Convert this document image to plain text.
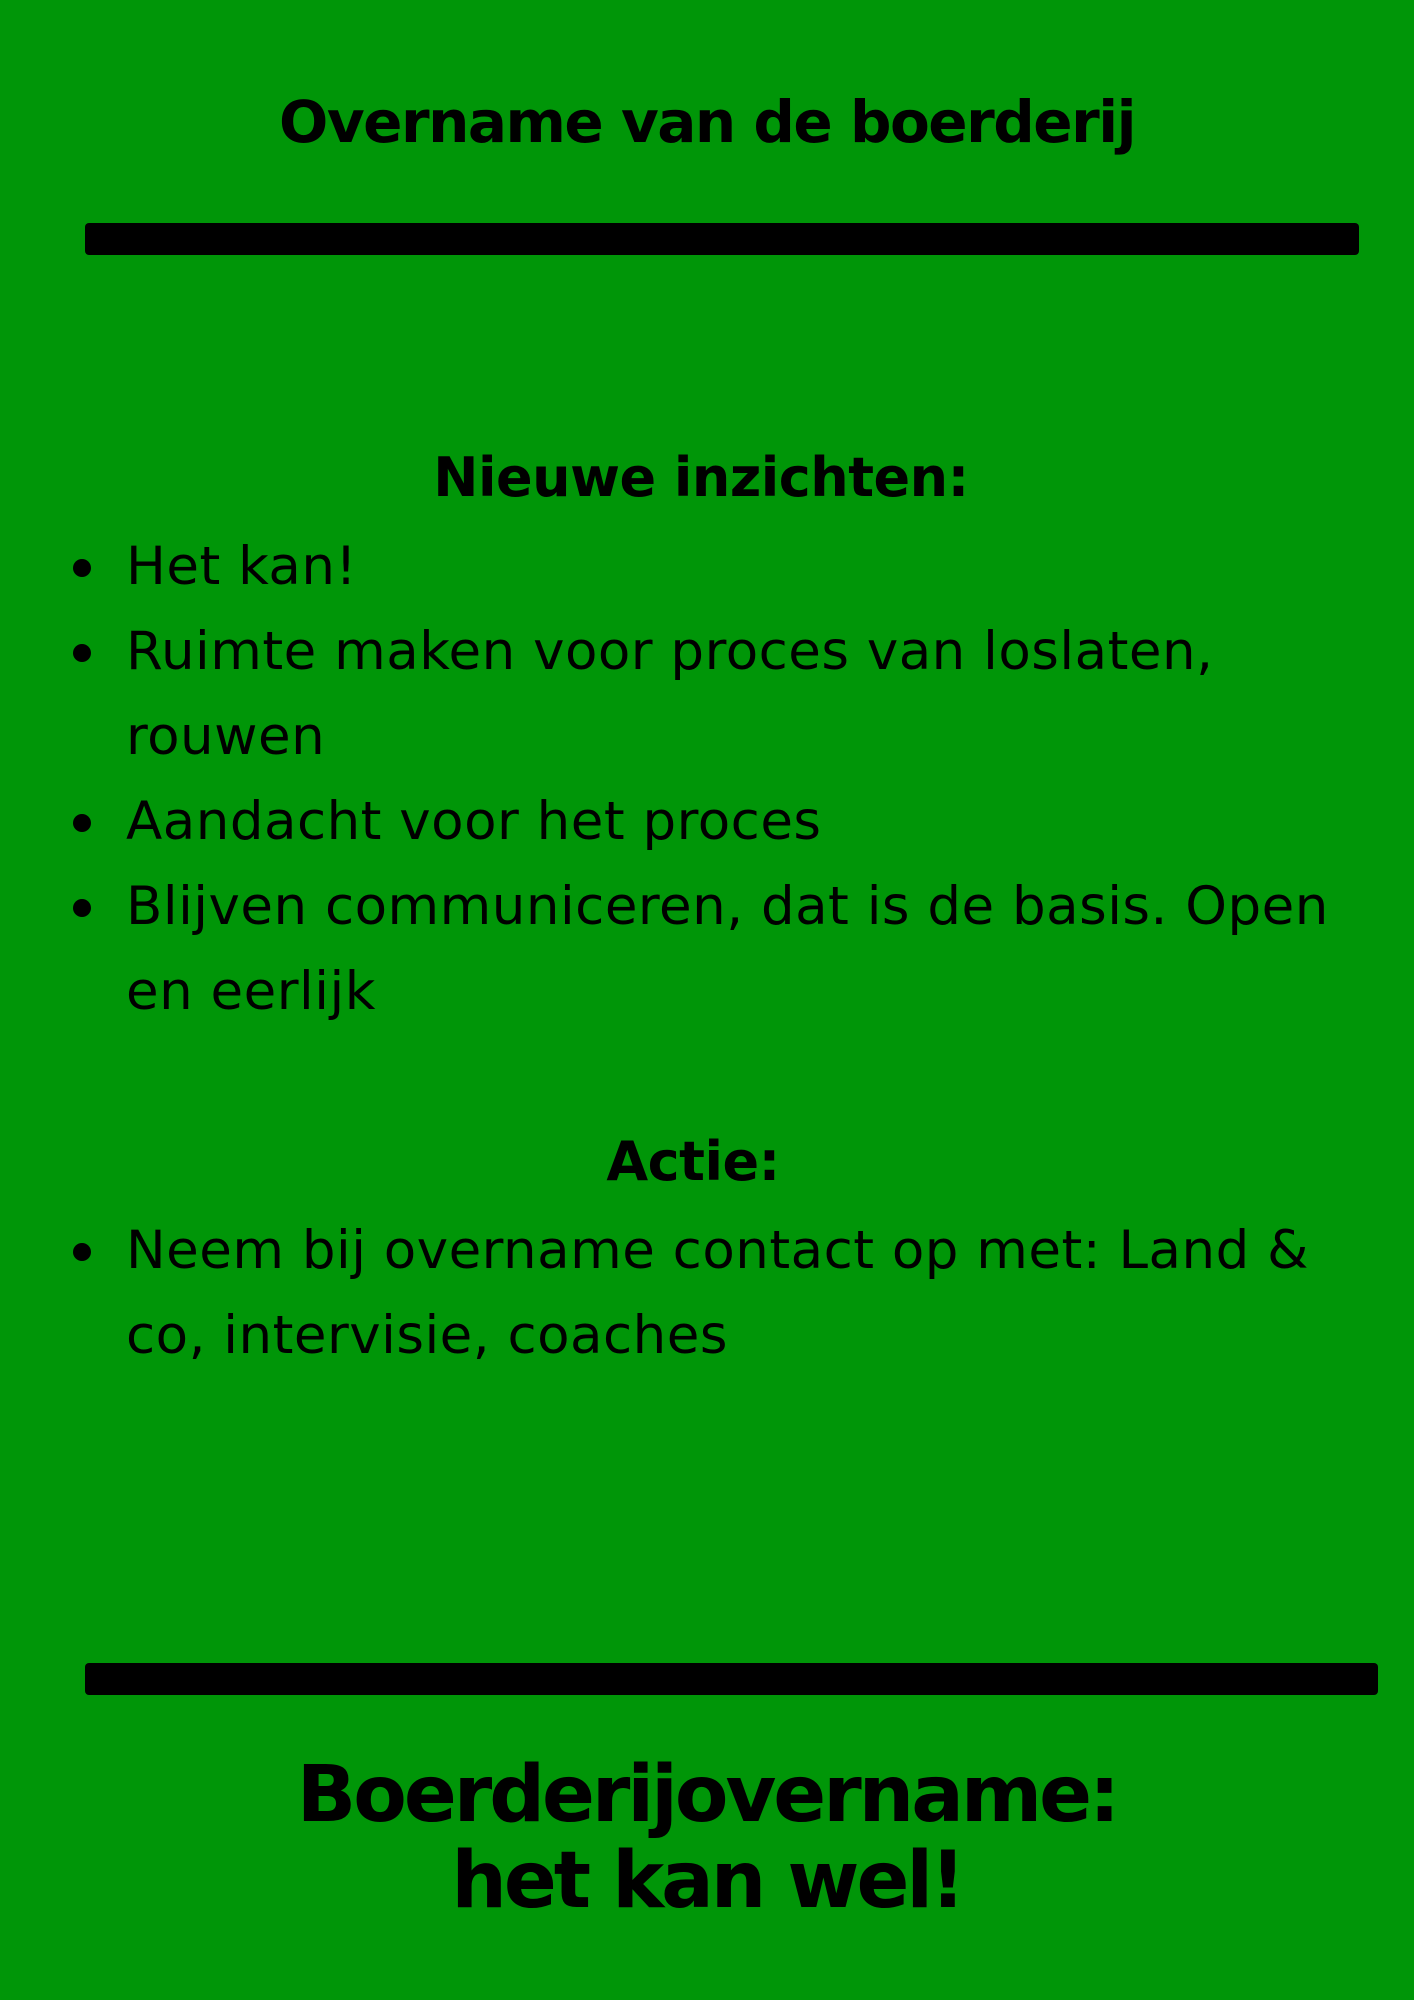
Overname van de boerderij
Nieuwe inzichten:
Het kan!
Ruimte maken voor proces van loslaten, rouwen
Aandacht voor het proces
Blijven communiceren, dat is de basis. Open en eerlijk
Actie:
Neem bij overname contact op met: Land & co, intervisie, coaches
Boerderijovername:
het kan wel!
